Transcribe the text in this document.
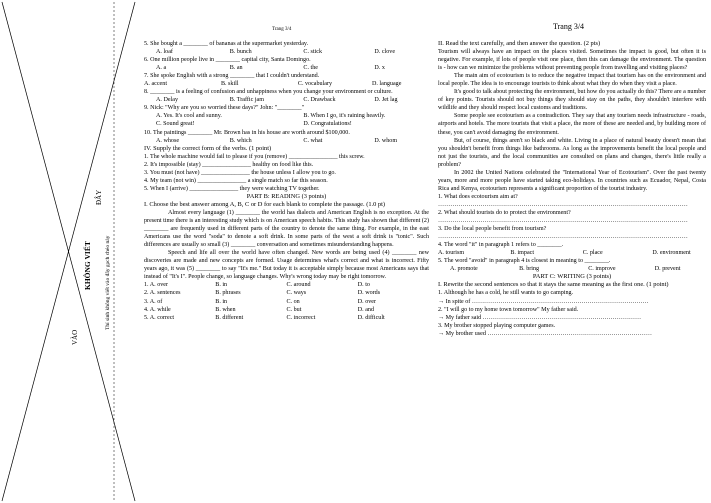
ĐÂY
KHÔNG VIẾT
VÀO
Thí sinh không viết vào đây gạch chéo này
Trang 3/4	Trang 3/4
5. She bought a ________ of bananas at the supermarket yesterday.
A. loaf	B. bunch	C. stick	D. clove
6. One million people live in ________ capital city, Santa Domingo.
A. a	B. an	C. the	D. x
7. She spoke English with a strong ________ that I couldn't understand.
A. accent	B. skill	C. vocabulary	D. language
8. ________ is a feeling of confusion and unhappiness when you change your environment or culture.
A. Delay	B. Traffic jam	C. Drawback	D. Jet lag
9. Nick: "Why are you so worried these days?" John: "________"
A. Yes. It's cool and sunny.	B. When I go, it's raining heavily.
C. Sound great!	D. Congratulations!
10. The paintings ________ Mr. Brown has in his house are worth around $100,000.
A. whose	B. which	C. what	D. whom
IV. Supply the correct form of the verbs. (1 point)
1. The whole machine would fail to please if you (remove) ________________ this screw.
2. It's impossible (stay) ________________ healthy on food like this.
3. You must (not have) ________________ the house unless I allow you to go.
4. My team (not win) ________________ a single match so far this season.
5. When I (arrive) ________________ they were watching TV together.
PART B: READING (3 points)
I. Choose the best answer among A, B, C or D for each blank to complete the passage. (1.0 pt)
Almost every language (1) ________ the world has dialects and American English is no exception. At the present time there is an interesting study which is on American speech habits. This study has shown that different (2) ________ are frequently used in different parts of the country to denote the same thing. For example, in the east Americans use the word "soda" to denote a soft drink. In some parts of the west a soft drink is "tonic". Such differences are usually so small (3) ________ conversation and sometimes misunderstanding happens.
Speech and life all over the world have often changed. New words are being used (4) ________ new discoveries are made and new concepts are formed. Usage determines what's correct and what is incorrect. Fifty years ago, it was (5) ________ to say "It's me." But today it is acceptable simply because most Americans says that instead of "It's I". People change, so language changes. Why's wrong today may be right tomorrow.
1. A. over	B. in	C. around	D. to
2. A. sentences	B. phrases	C. ways	D. words
3. A. of	B. in	C. on	D. over
4. A. while	B. when	C. but	D. and
5. A. correct	B. different	C. incorrect	D. difficult
II. Read the text carefully, and then answer the question. (2 pts)
Tourism will always have an impact on the places visited. Sometimes the impact is good, but often it is negative. For example, if lots of people visit one place, then this can damage the environment. The question is - how can we minimize the problems without preventing people from travelling and visiting places?
The main aim of ecotourism is to reduce the negative impact that tourism has on the environment and local people. The idea is to encourage tourists to think about what they do when they visit a place.
It's good to talk about protecting the environment, but how do you actually do this? There are a number of key points. Tourists should not buy things they should stay on the paths, they shouldn't interfere with wildlife and they should respect local customs and traditions.
Some people see ecotourism as a contradiction. They say that any tourism needs infrastructure - roads, airports and hotels. The more tourists that visit a place, the more of these are needed and, by building more of these, you can't avoid damaging the environment.
But, of course, things aren't so black and white. Living in a place of natural beauty doesn't mean that you shouldn't benefit from things like bathrooms. As long as the improvements benefit the local people and not just the tourists, and the local communities are consulted on plans and changes, there's little really a problem?
In 2002 the United Nations celebrated the "International Year of Ecotourism". Over the past twenty years, more and more people have started taking eco-holidays. In countries such as Ecuador, Nepal, Costa Rica and Kenya, ecotourism represents a significant proportion of the tourist industry.
1. What does ecotourism aim at?
……………………………………………………………………………………………………………
2. What should tourists do to protect the environment?
……………………………………………………………………………………………………………
3. Do the local people benefit from tourism?
……………………………………………………………………………………………………………
4. The word "it" in paragraph 1 refers to ________.
A. tourism	B. impact	C. place	D. environment
5. The word "avoid" in paragraph 4 is closest in meaning to ________.
A. promote	B. bring	C. improve	D. prevent
PART C: WRITING (3 points)
I. Rewrite the second sentences so that it stays the same meaning as the first one. (1 point)
1. Although he has a cold, he still wants to go camping.
→ In spite of ……………………………………………………………………………
2. "I will go to my home town tomorrow" My father said.
→ My father said ……………………………………………………………………
3. My brother stopped playing computer games.
→ My brother used ………………………………………………………………………
